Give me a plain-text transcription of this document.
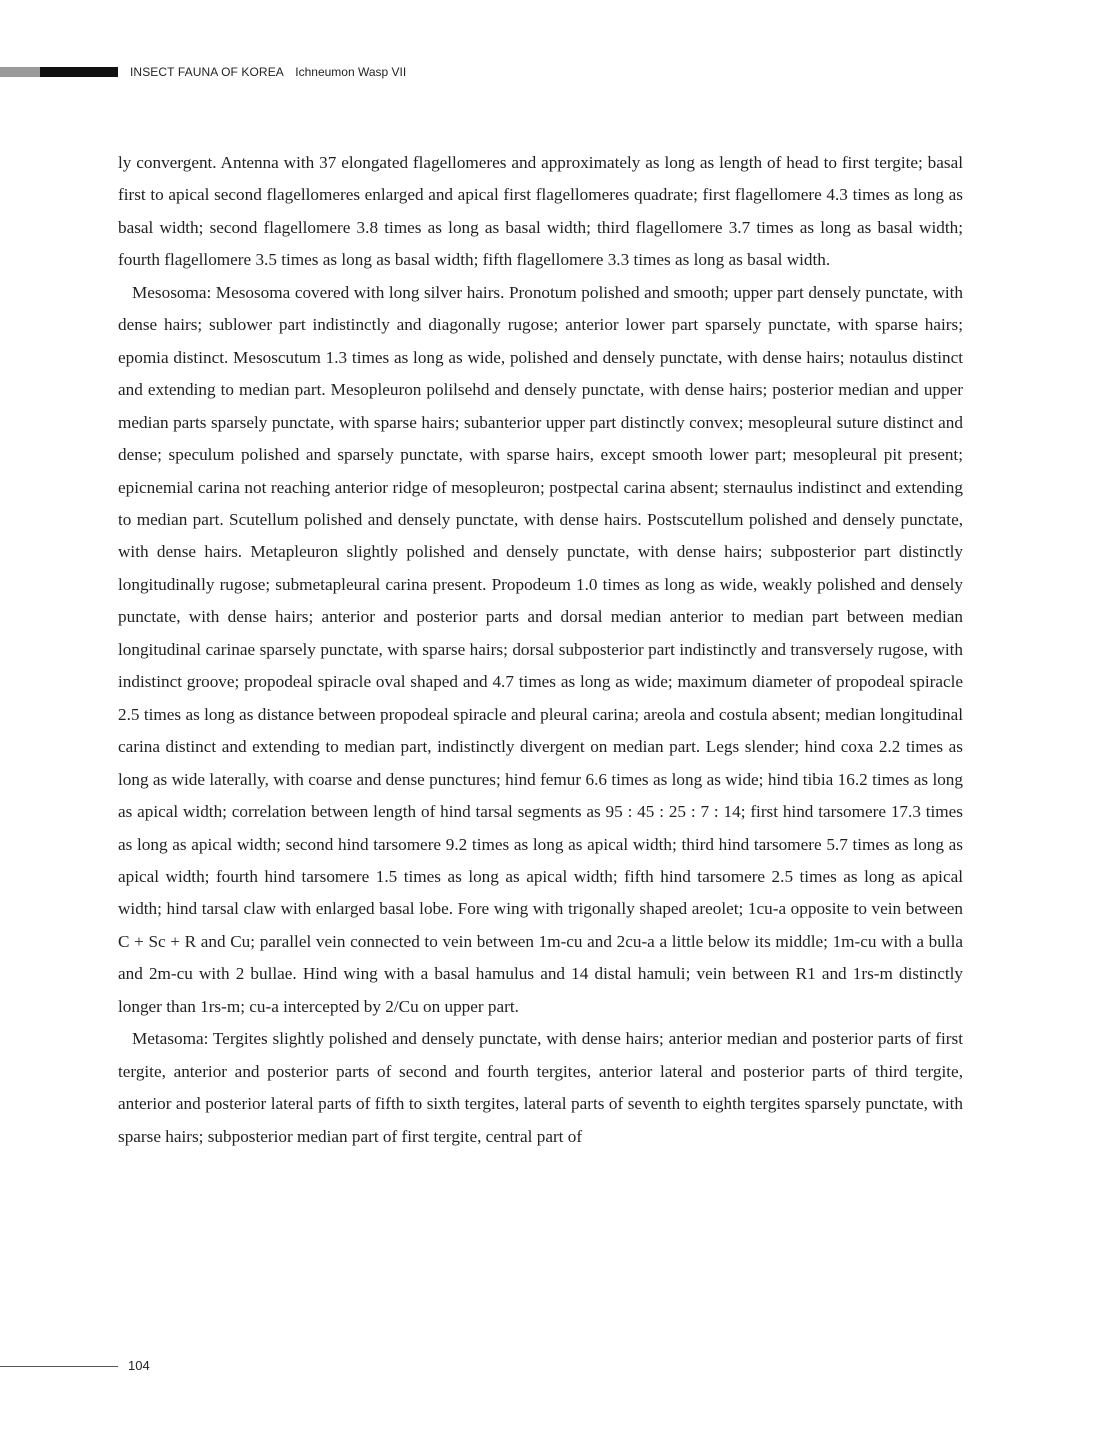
INSECT FAUNA OF KOREA Ichneumon Wasp VII

ly convergent. Antenna with 37 elongated flagellomeres and approximately as long as length of head to first tergite; basal first to apical second flagellomeres enlarged and apical first flagellomeres quadrate; first flagellomere 4.3 times as long as basal width; second flagellomere 3.8 times as long as basal width; third flagellomere 3.7 times as long as basal width; fourth flagellomere 3.5 times as long as basal width; fifth flagellomere 3.3 times as long as basal width.

Mesosoma: Mesosoma covered with long silver hairs. Pronotum polished and smooth; upper part densely punctate, with dense hairs; sublower part indistinctly and diagonally rugose; anterior lower part sparsely punctate, with sparse hairs; epomia distinct. Mesoscutum 1.3 times as long as wide, polished and densely punctate, with dense hairs; notaulus distinct and extending to median part. Mesopleuron polilsehd and densely punctate, with dense hairs; posterior median and upper median parts sparsely punctate, with sparse hairs; subanterior upper part distinctly convex; mesopleural suture distinct and dense; speculum polished and sparsely punctate, with sparse hairs, except smooth lower part; mesopleural pit present; epicnemial carina not reaching anterior ridge of mesopleuron; postpectal carina absent; sternaulus indistinct and extending to median part. Scutellum polished and densely punctate, with dense hairs. Postscutellum polished and densely punctate, with dense hairs. Metapleuron slightly polished and densely punctate, with dense hairs; subposterior part distinctly longitudinally rugose; submetapleural carina present. Propodeum 1.0 times as long as wide, weakly polished and densely punctate, with dense hairs; anterior and posterior parts and dorsal median anterior to median part between median longitudinal carinae sparsely punctate, with sparse hairs; dorsal subposterior part indistinctly and transversely rugose, with indistinct groove; propodeal spiracle oval shaped and 4.7 times as long as wide; maximum diameter of propodeal spiracle 2.5 times as long as distance between propodeal spiracle and pleural carina; areola and costula absent; median longitudinal carina distinct and extending to median part, indistinctly divergent on median part. Legs slender; hind coxa 2.2 times as long as wide laterally, with coarse and dense punctures; hind femur 6.6 times as long as wide; hind tibia 16.2 times as long as apical width; correlation between length of hind tarsal segments as 95 : 45 : 25 : 7 : 14; first hind tarsomere 17.3 times as long as apical width; second hind tarsomere 9.2 times as long as apical width; third hind tarsomere 5.7 times as long as apical width; fourth hind tarsomere 1.5 times as long as apical width; fifth hind tarsomere 2.5 times as long as apical width; hind tarsal claw with enlarged basal lobe. Fore wing with trigonally shaped areolet; 1cu-a opposite to vein between C + Sc + R and Cu; parallel vein connected to vein between 1m-cu and 2cu-a a little below its middle; 1m-cu with a bulla and 2m-cu with 2 bullae. Hind wing with a basal hamulus and 14 distal hamuli; vein between R1 and 1rs-m distinctly longer than 1rs-m; cu-a intercepted by 2/Cu on upper part.

Metasoma: Tergites slightly polished and densely punctate, with dense hairs; anterior median and posterior parts of first tergite, anterior and posterior parts of second and fourth tergites, anterior lateral and posterior parts of third tergite, anterior and posterior lateral parts of fifth to sixth tergites, lateral parts of seventh to eighth tergites sparsely punctate, with sparse hairs; subposterior median part of first tergite, central part of

104
